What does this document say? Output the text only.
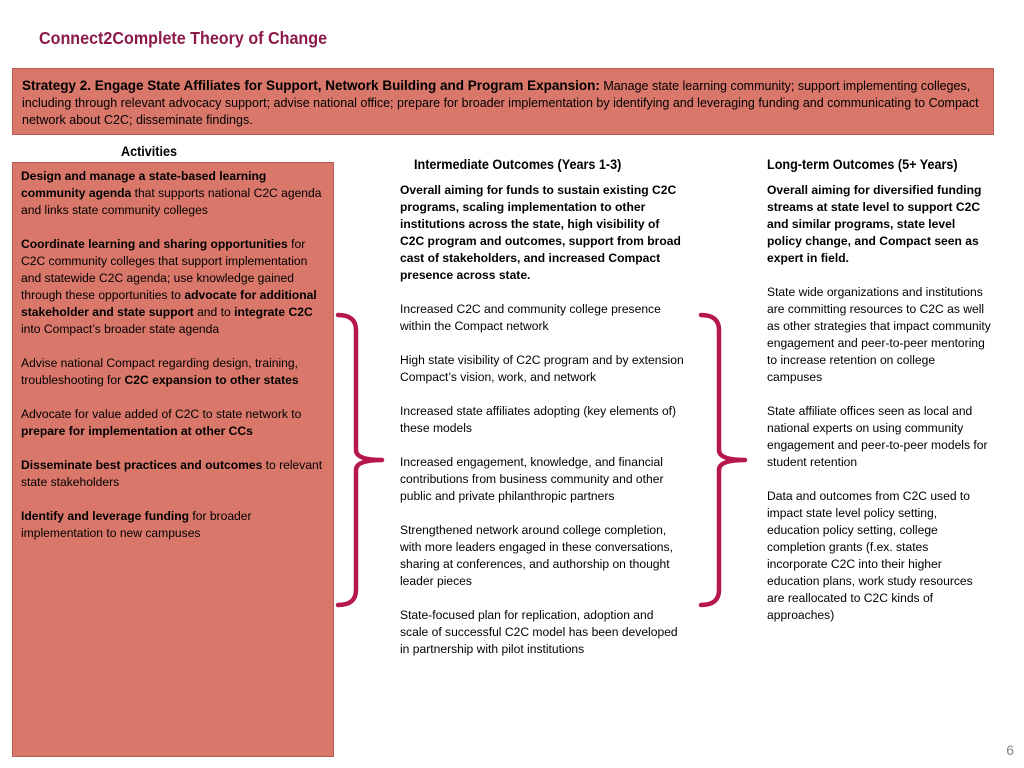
Connect2Complete Theory of Change
Strategy 2. Engage State Affiliates for Support, Network Building and Program Expansion: Manage state learning community; support implementing colleges, including through relevant advocacy support; advise national office; prepare for broader implementation by identifying and leveraging funding and communicating to Compact network about C2C; disseminate findings.
Activities
Intermediate Outcomes (Years 1-3)	Long-term Outcomes (5+ Years)

Design and manage a state-based learning community agenda that supports national C2C agenda and links state community colleges

Coordinate learning and sharing opportunities for C2C community colleges that support implementation and statewide C2C agenda; use knowledge gained through these opportunities to advocate for additional stakeholder and state support and to integrate C2C into Compact’s broader state agenda

Advise national Compact regarding design, training, troubleshooting for C2C expansion to other states

Advocate for value added of C2C to state network to prepare for implementation at other CCs

Disseminate best practices and outcomes to relevant state stakeholders

Identify and leverage funding for broader implementation to new campuses

Overall aiming for funds to sustain existing C2C programs, scaling implementation to other institutions across the state, high visibility of C2C program and outcomes, support from broad cast of stakeholders, and increased Compact presence across state.

Increased C2C and community college presence within the Compact network

High state visibility of C2C program and by extension Compact’s vision, work, and network

Increased state affiliates adopting (key elements of) these models

Increased engagement, knowledge, and financial contributions from business community and other public and private philanthropic partners

Strengthened network around college completion, with more leaders engaged in these conversations, sharing at conferences, and authorship on thought leader pieces

State-focused plan for replication, adoption and scale of successful C2C model has been developed in partnership with pilot institutions

Overall aiming for diversified funding streams at state level to support C2C and similar programs, state level policy change, and Compact seen as expert in field.

State wide organizations and institutions are committing resources to C2C as well as other strategies that impact community engagement and peer-to-peer mentoring to increase retention on college campuses

State affiliate offices seen as local and national experts on using community engagement and peer-to-peer models for student retention

Data and outcomes from C2C used to impact state level policy setting, education policy setting, college completion grants (f.ex. states incorporate C2C into their higher education plans, work study resources are reallocated to C2C kinds of approaches)

6
